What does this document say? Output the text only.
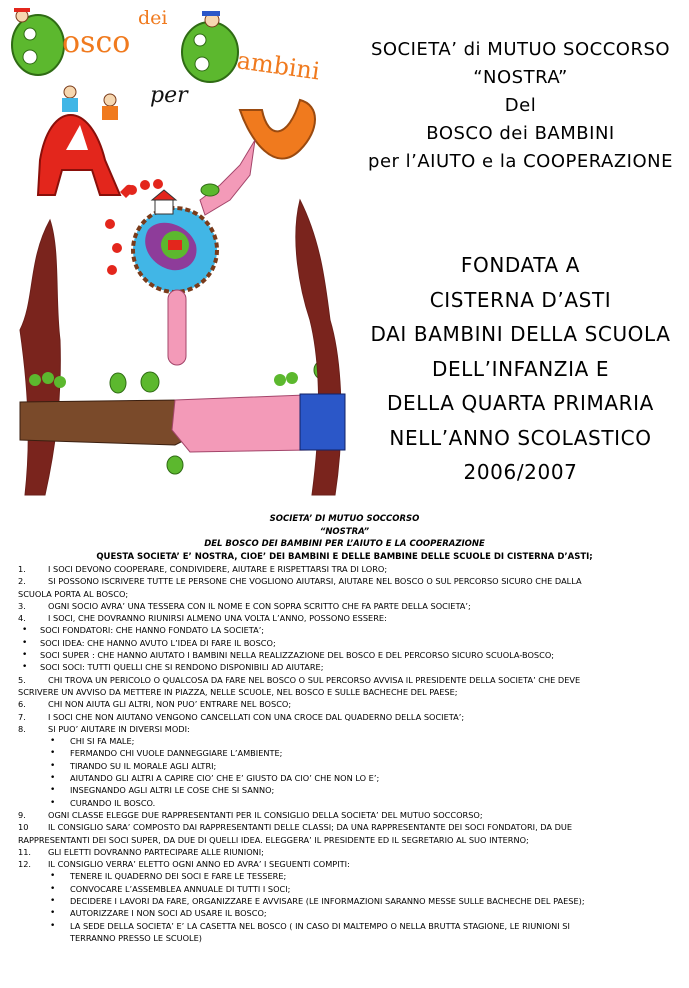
osco
dei
ambini
per
SOCIETA’ di MUTUO SOCCORSO
“NOSTRA”
Del
BOSCO dei BAMBINI
per l’AIUTO e la COOPERAZIONE
FONDATA A
CISTERNA D’ASTI
DAI BAMBINI DELLA SCUOLA
DELL’INFANZIA E
DELLA QUARTA PRIMARIA
NELL’ANNO SCOLASTICO
2006/2007
SOCIETA’ DI MUTUO SOCCORSO
“NOSTRA”
DEL BOSCO DEI BAMBINI PER L’AIUTO E LA COOPERAZIONE
QUESTA SOCIETA’ E’ NOSTRA, CIOE’ DEI BAMBINI E DELLE BAMBINE DELLE SCUOLE DI CISTERNA D’ASTI;
1.	I SOCI DEVONO COOPERARE, CONDIVIDERE, AIUTARE E RISPETTARSI TRA DI LORO;
2.	SI POSSONO ISCRIVERE TUTTE LE PERSONE CHE VOGLIONO AIUTARSI, AIUTARE NEL BOSCO O SUL PERCORSO SICURO CHE DALLA
SCUOLA PORTA AL BOSCO;
3.	OGNI SOCIO AVRA’ UNA TESSERA CON IL NOME E CON SOPRA SCRITTO CHE FA PARTE DELLA SOCIETA’;
4.	I SOCI, CHE DOVRANNO RIUNIRSI ALMENO UNA VOLTA L’ANNO, POSSONO ESSERE:
• SOCI FONDATORI: CHE HANNO FONDATO LA SOCIETA’;
• SOCI IDEA: CHE HANNO AVUTO L’IDEA DI FARE IL BOSCO;
• SOCI SUPER : CHE HANNO AIUTATO I BAMBINI NELLA REALIZZAZIONE DEL BOSCO E DEL PERCORSO SICURO SCUOLA-BOSCO;
• SOCI SOCI: TUTTI QUELLI CHE SI RENDONO DISPONIBILI AD AIUTARE;
5.	CHI TROVA UN PERICOLO O QUALCOSA DA FARE NEL BOSCO O SUL PERCORSO AVVISA IL PRESIDENTE DELLA SOCIETA’ CHE DEVE
SCRIVERE UN AVVISO DA METTERE IN PIAZZA, NELLE SCUOLE, NEL BOSCO E SULLE BACHECHE DEL PAESE;
6.	CHI NON AIUTA GLI ALTRI, NON PUO’ ENTRARE NEL BOSCO;
7.	I SOCI CHE NON AIUTANO VENGONO CANCELLATI CON UNA CROCE DAL QUADERNO DELLA SOCIETA’;
8.	SI PUO’ AIUTARE IN DIVERSI MODI:
• CHI SI FA MALE;
• FERMANDO CHI VUOLE DANNEGGIARE L’AMBIENTE;
• TIRANDO SU IL MORALE AGLI ALTRI;
• AIUTANDO GLI ALTRI A CAPIRE CIO’ CHE E’ GIUSTO DA CIO’ CHE NON LO E’;
• INSEGNANDO AGLI ALTRI LE COSE CHE SI SANNO;
• CURANDO IL BOSCO.
9.	OGNI CLASSE ELEGGE DUE RAPPRESENTANTI PER IL CONSIGLIO DELLA SOCIETA’ DEL MUTUO SOCCORSO;
10 IL CONSIGLIO SARA’ COMPOSTO DAI RAPPRESENTANTI DELLE CLASSI; DA UNA RAPPRESENTANTE DEI SOCI FONDATORI, DA DUE
RAPPRESENTANTI DEI SOCI SUPER, DA DUE DI QUELLI IDEA. ELEGGERA’ IL PRESIDENTE ED IL SEGRETARIO AL SUO INTERNO;
11. GLI ELETTI DOVRANNO PARTECIPARE ALLE RIUNIONI;
12. IL CONSIGLIO VERRA’ ELETTO OGNI ANNO ED AVRA’ I SEGUENTI COMPITI:
• TENERE IL QUADERNO DEI SOCI E FARE LE TESSERE;
• CONVOCARE L’ASSEMBLEA ANNUALE DI TUTTI I SOCI;
• DECIDERE I LAVORI DA FARE, ORGANIZZARE E AVVISARE (LE INFORMAZIONI SARANNO MESSE SULLE BACHECHE DEL PAESE);
• AUTORIZZARE I NON SOCI AD USARE IL BOSCO;
• LA SEDE DELLA SOCIETA’ E’ LA CASETTA NEL BOSCO ( IN CASO DI MALTEMPO O NELLA BRUTTA STAGIONE, LE RIUNIONI SI
TERRANNO PRESSO LE SCUOLE)
